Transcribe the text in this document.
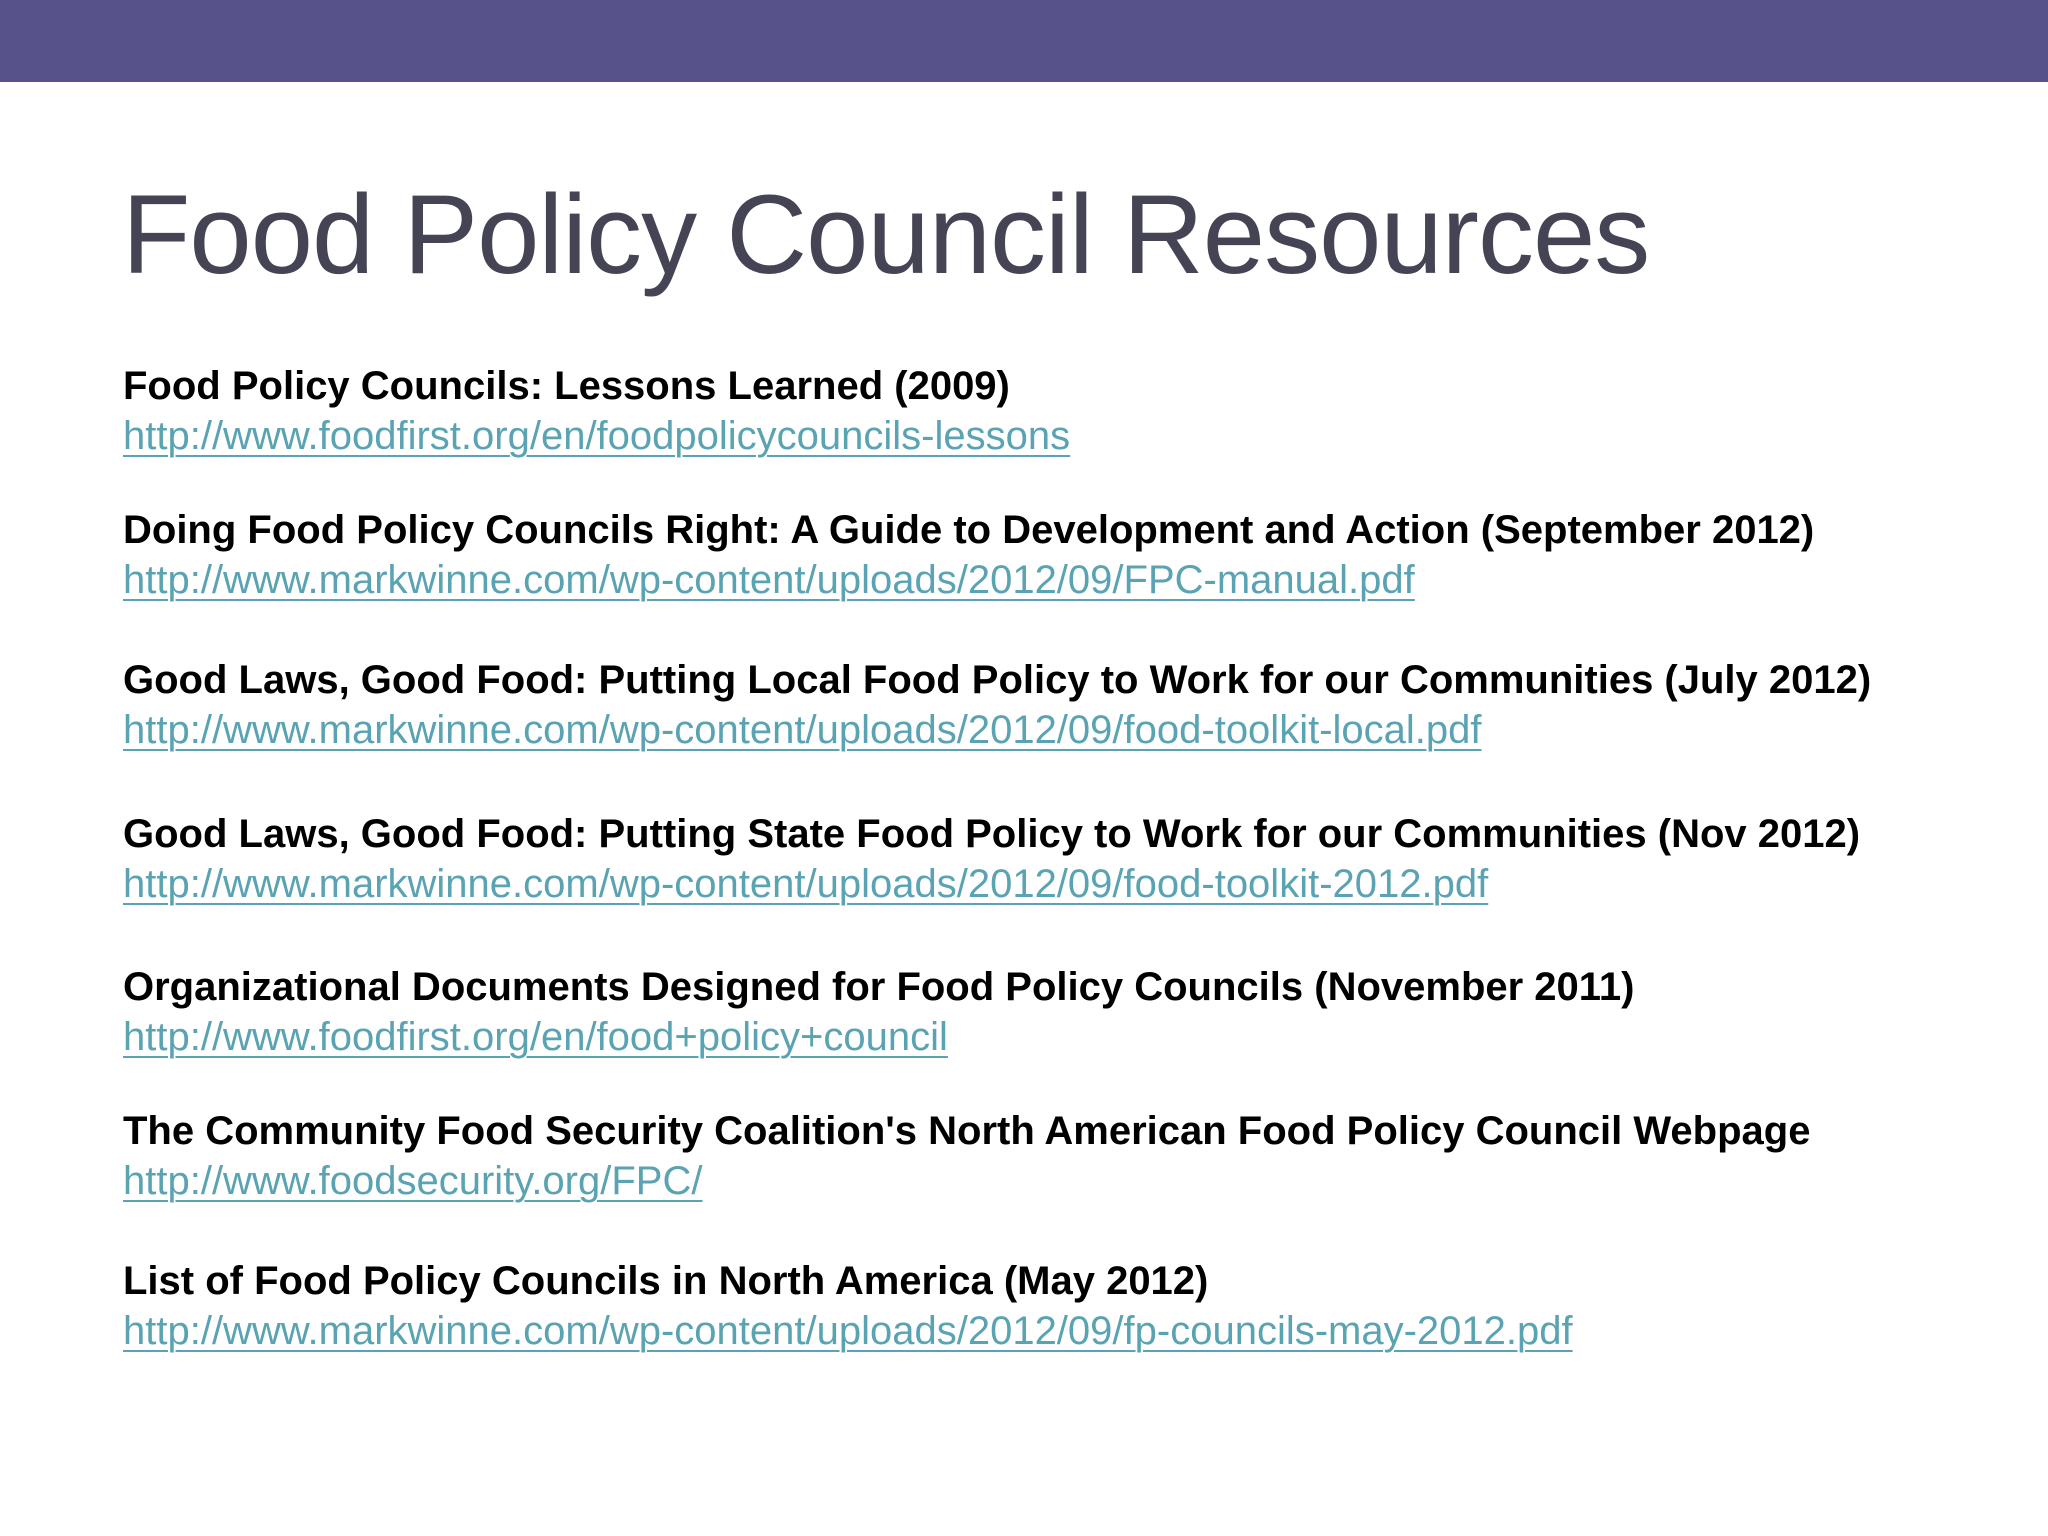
Food Policy Council Resources
Food Policy Councils: Lessons Learned (2009)
http://www.foodfirst.org/en/foodpolicycouncils-lessons
Doing Food Policy Councils Right: A Guide to Development and Action (September 2012)
http://www.markwinne.com/wp-content/uploads/2012/09/FPC-manual.pdf
Good Laws, Good Food: Putting Local Food Policy to Work for our Communities (July 2012)
http://www.markwinne.com/wp-content/uploads/2012/09/food-toolkit-local.pdf
Good Laws, Good Food: Putting State Food Policy to Work for our Communities (Nov 2012)
http://www.markwinne.com/wp-content/uploads/2012/09/food-toolkit-2012.pdf
Organizational Documents Designed for Food Policy Councils (November 2011)
http://www.foodfirst.org/en/food+policy+council
The Community Food Security Coalition's North American Food Policy Council Webpage
http://www.foodsecurity.org/FPC/
List of Food Policy Councils in North America (May 2012)
http://www.markwinne.com/wp-content/uploads/2012/09/fp-councils-may-2012.pdf
